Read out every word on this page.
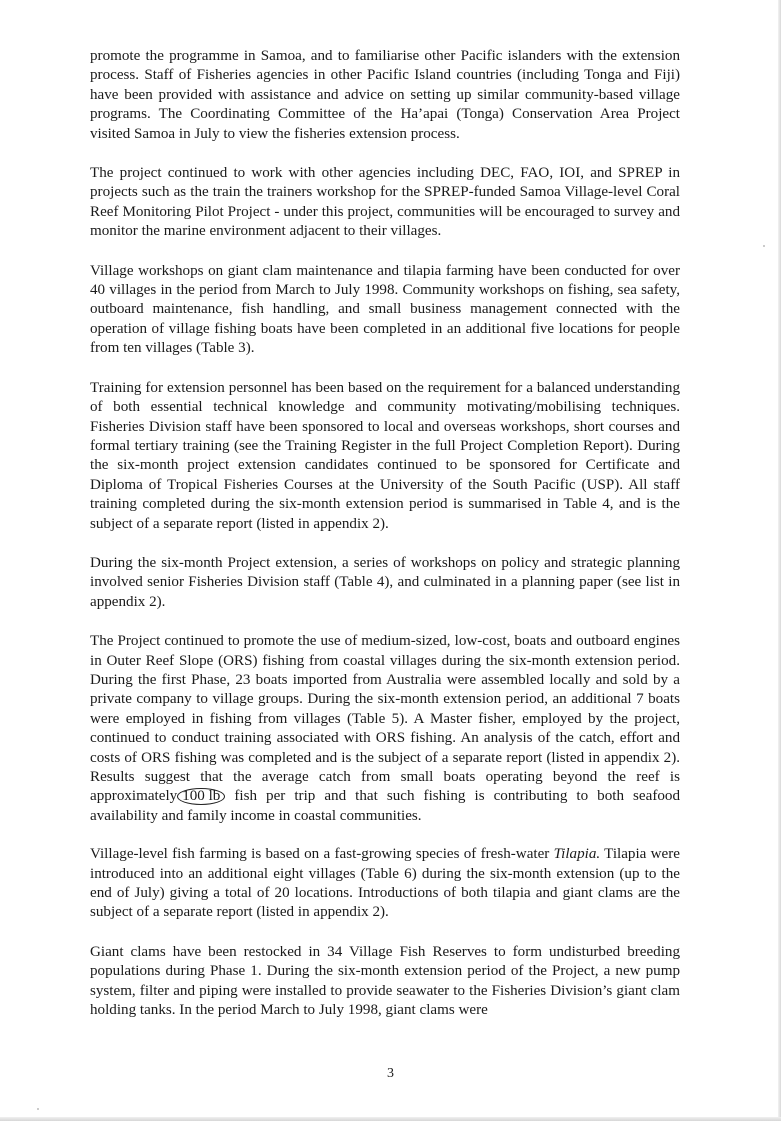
promote the programme in Samoa, and to familiarise other Pacific islanders with the extension process. Staff of Fisheries agencies in other Pacific Island countries (including Tonga and Fiji) have been provided with assistance and advice on setting up similar community-based village programs. The Coordinating Committee of the Ha’apai (Tonga) Conservation Area Project visited Samoa in July to view the fisheries extension process.

The project continued to work with other agencies including DEC, FAO, IOI, and SPREP in projects such as the train the trainers workshop for the SPREP-funded Samoa Village-level Coral Reef Monitoring Pilot Project - under this project, communities will be encouraged to survey and monitor the marine environment adjacent to their villages.

Village workshops on giant clam maintenance and tilapia farming have been conducted for over 40 villages in the period from March to July 1998. Community workshops on fishing, sea safety, outboard maintenance, fish handling, and small business management connected with the operation of village fishing boats have been completed in an additional five locations for people from ten villages (Table 3).

Training for extension personnel has been based on the requirement for a balanced understanding of both essential technical knowledge and community motivating/mobilising techniques. Fisheries Division staff have been sponsored to local and overseas workshops, short courses and formal tertiary training (see the Training Register in the full Project Completion Report). During the six-month project extension candidates continued to be sponsored for Certificate and Diploma of Tropical Fisheries Courses at the University of the South Pacific (USP). All staff training completed during the six-month extension period is summarised in Table 4, and is the subject of a separate report (listed in appendix 2).

During the six-month Project extension, a series of workshops on policy and strategic planning involved senior Fisheries Division staff (Table 4), and culminated in a planning paper (see list in appendix 2).

The Project continued to promote the use of medium-sized, low-cost, boats and outboard engines in Outer Reef Slope (ORS) fishing from coastal villages during the six-month extension period. During the first Phase, 23 boats imported from Australia were assembled locally and sold by a private company to village groups. During the six-month extension period, an additional 7 boats were employed in fishing from villages (Table 5). A Master fisher, employed by the project, continued to conduct training associated with ORS fishing. An analysis of the catch, effort and costs of ORS fishing was completed and is the subject of a separate report (listed in appendix 2). Results suggest that the average catch from small boats operating beyond the reef is approximately 100 lb fish per trip and that such fishing is contributing to both seafood availability and family income in coastal communities.

Village-level fish farming is based on a fast-growing species of fresh-water Tilapia. Tilapia were introduced into an additional eight villages (Table 6) during the six-month extension (up to the end of July) giving a total of 20 locations. Introductions of both tilapia and giant clams are the subject of a separate report (listed in appendix 2).

Giant clams have been restocked in 34 Village Fish Reserves to form undisturbed breeding populations during Phase 1. During the six-month extension period of the Project, a new pump system, filter and piping were installed to provide seawater to the Fisheries Division’s giant clam holding tanks. In the period March to July 1998, giant clams were

3
